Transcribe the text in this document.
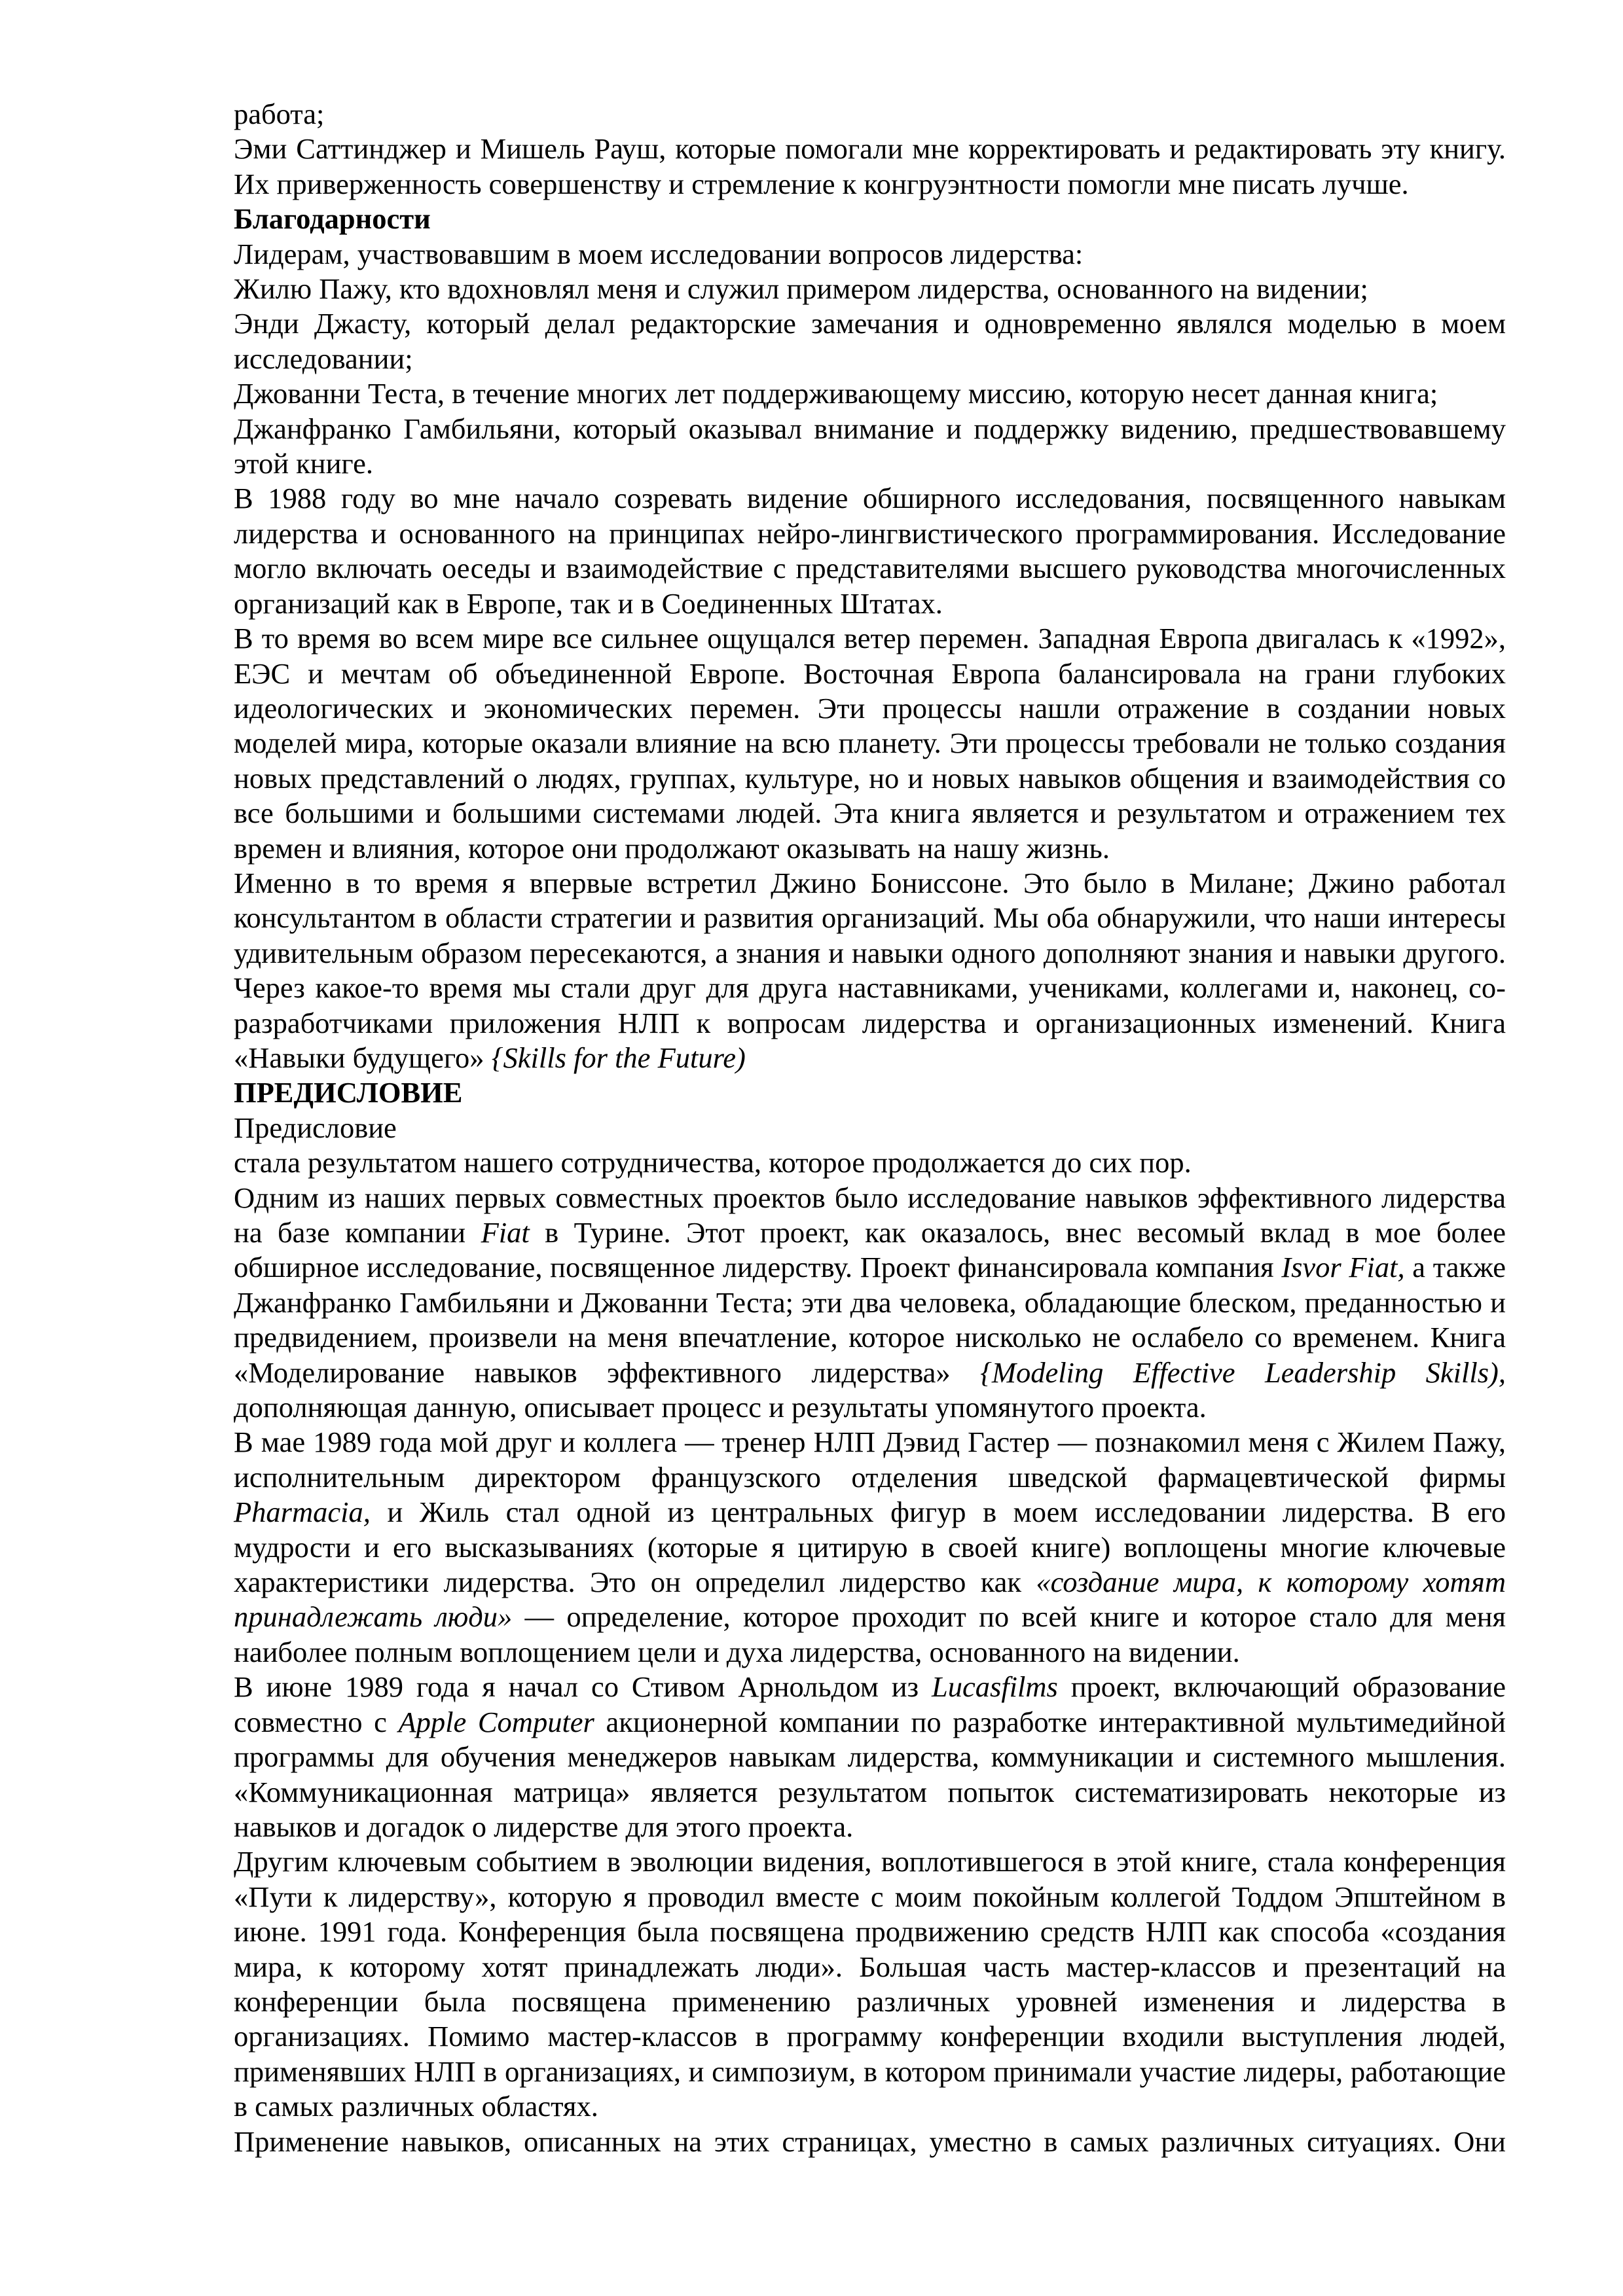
работа;
Эми Саттинджер и Мишель Рауш, которые помогали мне корректировать и редактировать эту книгу. Их приверженность совершенству и стремление к конгруэнтности помогли мне писать лучше.
Благодарности
Лидерам, участвовавшим в моем исследовании вопросов лидерства:
Жилю Пажу, кто вдохновлял меня и служил примером лидерства, основанного на видении;
Энди Джасту, который делал редакторские замечания и одновременно являлся моделью в моем исследовании;
Джованни Теста, в течение многих лет поддерживающему миссию, которую несет данная книга;
Джанфранко Гамбильяни, который оказывал внимание и поддержку видению, предшествовавшему этой книге.
В 1988 году во мне начало созревать видение обширного исследования, посвященного навыкам лидерства и основанного на принципах нейро-лингвистического программирования. Исследование могло включать оеседы и взаимодействие с представителями высшего руководства многочисленных организаций как в Европе, так и в Соединенных Штатах.
В то время во всем мире все сильнее ощущался ветер перемен. Западная Европа двигалась к «1992», ЕЭС и мечтам об объединенной Европе. Восточная Европа балансировала на грани глубоких идеологических и экономических перемен. Эти процессы нашли отражение в создании новых моделей мира, которые оказали влияние на всю планету. Эти процессы требовали не только создания новых представлений о людях, группах, культуре, но и новых навыков общения и взаимодействия со все большими и большими системами людей. Эта книга является и результатом и отражением тех времен и влияния, которое они продолжают оказывать на нашу жизнь.
Именно в то время я впервые встретил Джино Бониссоне. Это было в Милане; Джино работал консультантом в области стратегии и развития организаций. Мы оба обнаружили, что наши интересы удивительным образом пересекаются, а знания и навыки одного дополняют знания и навыки другого. Через какое-то время мы стали друг для друга наставниками, учениками, коллегами и, наконец, со-разработчиками приложения НЛП к вопросам лидерства и организационных изменений. Книга «Навыки будущего» {Skills for the Future)
ПРЕДИСЛОВИЕ
Предисловие
стала результатом нашего сотрудничества, которое продолжается до сих пор.
Одним из наших первых совместных проектов было исследование навыков эффективного лидерства на базе компании Fiat в Турине. Этот проект, как оказалось, внес весомый вклад в мое более обширное исследование, посвященное лидерству. Проект финансировала компания Isvor Fiat, а также Джанфранко Гамбильяни и Джованни Теста; эти два человека, обладающие блеском, преданностью и предвидением, произвели на меня впечатление, которое нисколько не ослабело со временем. Книга «Моделирование навыков эффективного лидерства» {Modeling Effective Leadership Skills), дополняющая данную, описывает процесс и результаты упомянутого проекта.
В мае 1989 года мой друг и коллега — тренер НЛП Дэвид Гастер — познакомил меня с Жилем Пажу, исполнительным директором французского отделения шведской фармацевтической фирмы Pharmacia, и Жиль стал одной из центральных фигур в моем исследовании лидерства. В его мудрости и его высказываниях (которые я цитирую в своей книге) воплощены многие ключевые характеристики лидерства. Это он определил лидерство как «создание мира, к которому хотят принадлежать люди» — определение, которое проходит по всей книге и которое стало для меня наиболее полным воплощением цели и духа лидерства, основанного на видении.
В июне 1989 года я начал со Стивом Арнольдом из Lucasfilms проект, включающий образование совместно с Apple Computer акционерной компании по разработке интерактивной мультимедийной программы для обучения менеджеров навыкам лидерства, коммуникации и системного мышления. «Коммуникационная матрица» является результатом попыток систематизировать некоторые из навыков и догадок о лидерстве для этого проекта.
Другим ключевым событием в эволюции видения, воплотившегося в этой книге, стала конференция «Пути к лидерству», которую я проводил вместе с моим покойным коллегой Тоддом Эпштейном в июне. 1991 года. Конференция была посвящена продвижению средств НЛП как способа «создания мира, к которому хотят принадлежать люди». Большая часть мастер-классов и презентаций на конференции была посвящена применению различных уровней изменения и лидерства в организациях. Помимо мастер-классов в программу конференции входили выступления людей, применявших НЛП в организациях, и симпозиум, в котором принимали участие лидеры, работающие в самых различных областях.
Применение навыков, описанных на этих страницах, уместно в самых различных ситуациях. Они
